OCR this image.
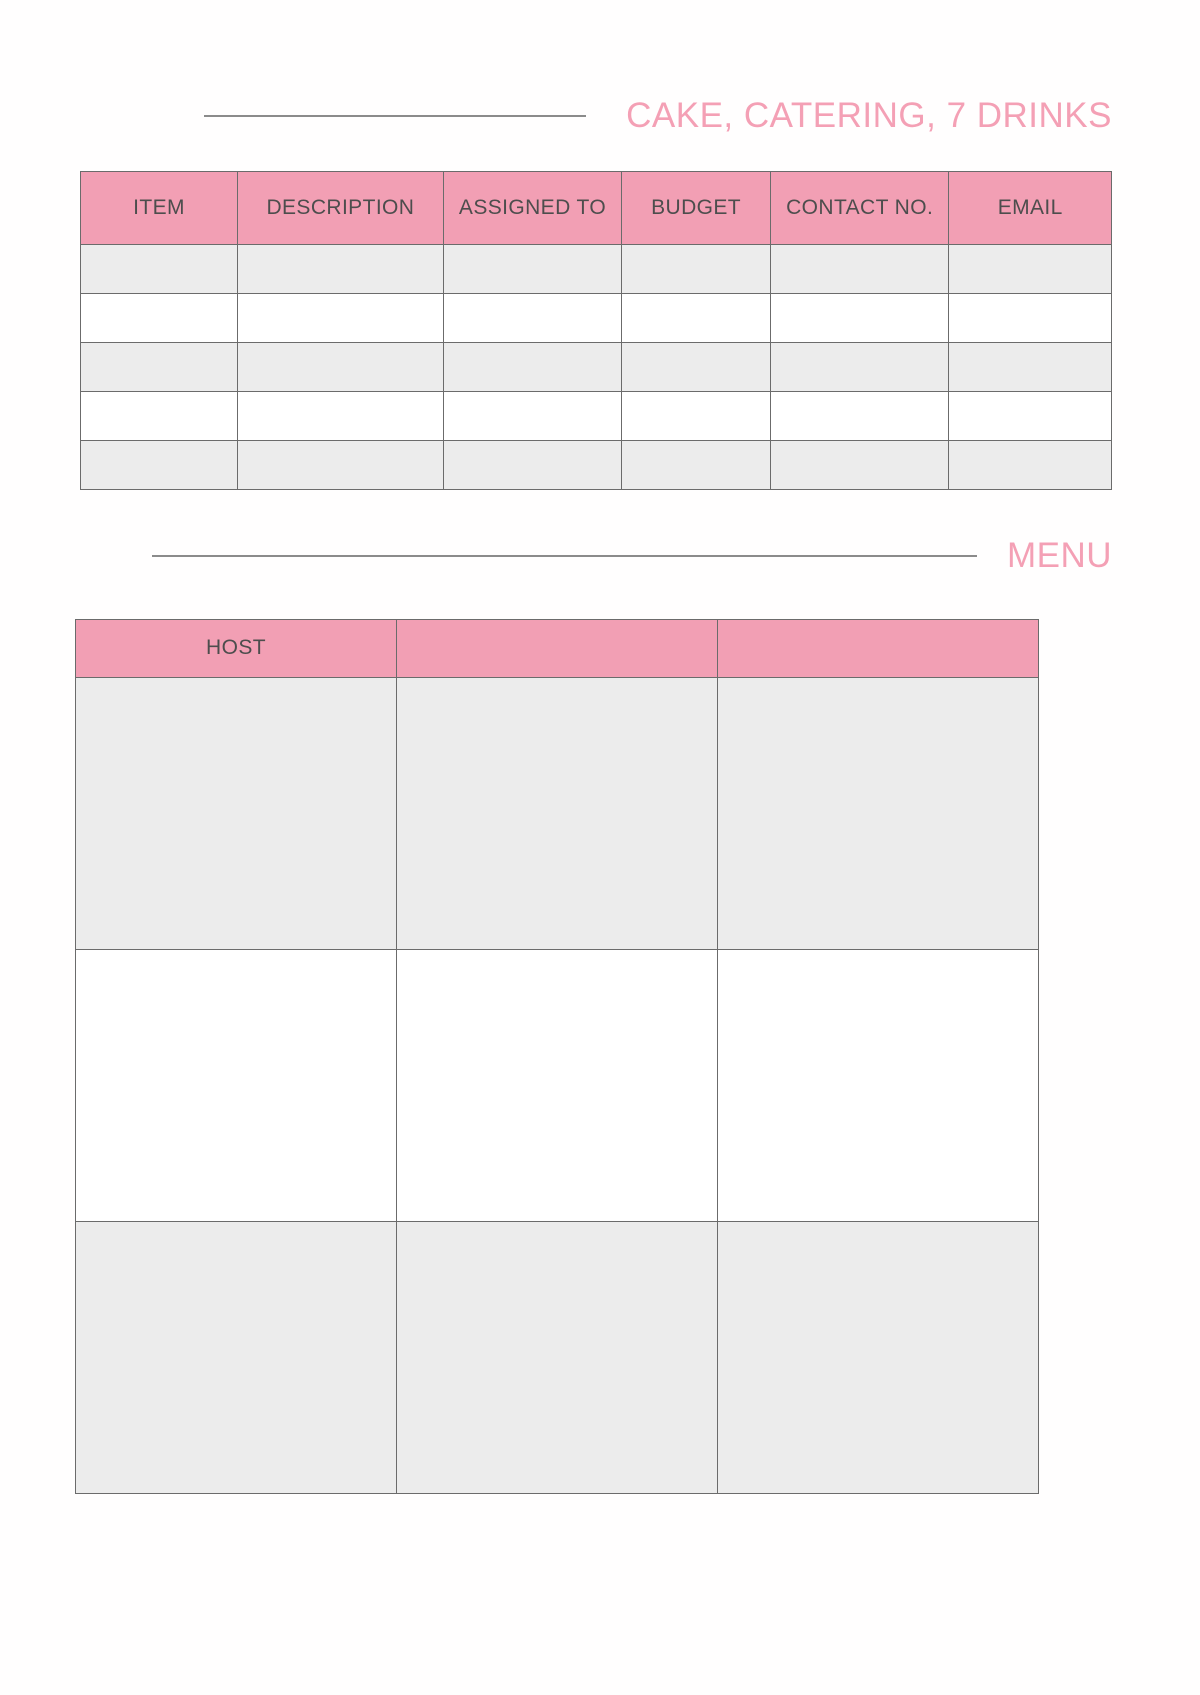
CAKE, CATERING, 7 DRINKS
ITEM	DESCRIPTION	ASSIGNED TO	BUDGET	CONTACT NO.	EMAIL

MENU
HOST		
